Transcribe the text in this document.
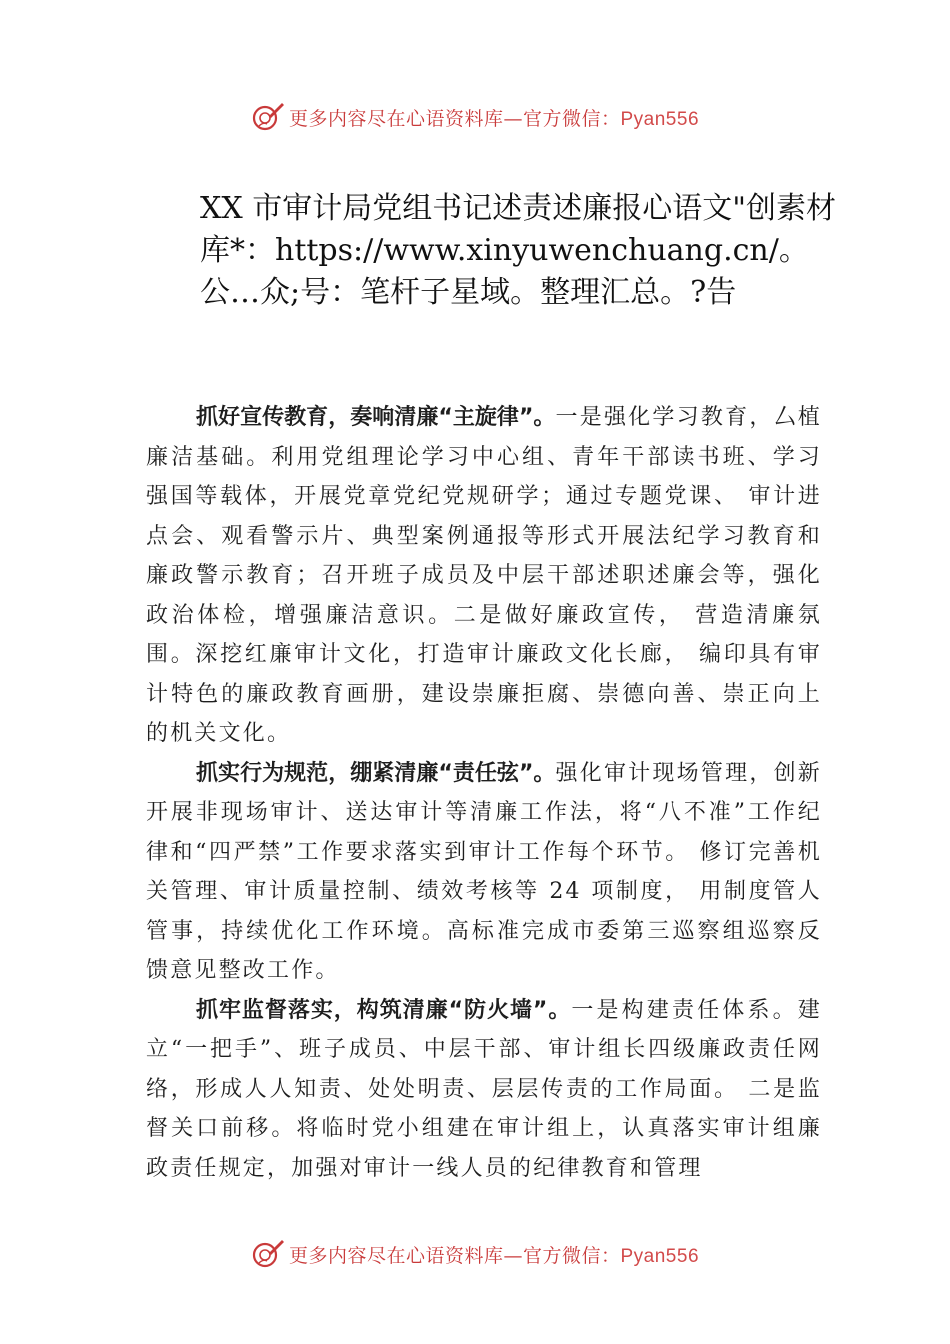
更多内容尽在心语资料库—官方微信：Pyan556
XX 市审计局党组书记述责述廉报心语文"创素材库*：https://www.xinyuwenchuang.cn/。公…众;号：笔杆子星域。整理汇总。?告

抓好宣传教育，奏响清廉“主旋律”。一是强化学习教育，厶植廉洁基础。利用党组理论学习中心组、青年干部读书班、学习强国等载体，开展党章党纪党规研学；通过专题党课、 审计进点会、观看警示片、典型案例通报等形式开展法纪学习教育和廉政警示教育；召开班子成员及中层干部述职述廉会等，强化政治体检，增强廉洁意识。二是做好廉政宣传， 营造清廉氛围。深挖红廉审计文化，打造审计廉政文化长廊， 编印具有审计特色的廉政教育画册，建设崇廉拒腐、崇德向善、崇正向上的机关文化。

抓实行为规范，绷紧清廉“责任弦”。强化审计现场管理，创新开展非现场审计、送达审计等清廉工作法，将“八不准”工作纪律和“四严禁”工作要求落实到审计工作每个环节。 修订完善机关管理、审计质量控制、绩效考核等 24 项制度， 用制度管人管事，持续优化工作环境。高标准完成市委第三巡察组巡察反馈意见整改工作。

抓牢监督落实，构筑清廉“防火墙”。一是构建责任体系。建立“一把手”、班子成员、中层干部、审计组长四级廉政责任网络，形成人人知责、处处明责、层层传责的工作局面。 二是监督关口前移。将临时党小组建在审计组上，认真落实审计组廉政责任规定，加强对审计一线人员的纪律教育和管理

更多内容尽在心语资料库—官方微信：Pyan556
